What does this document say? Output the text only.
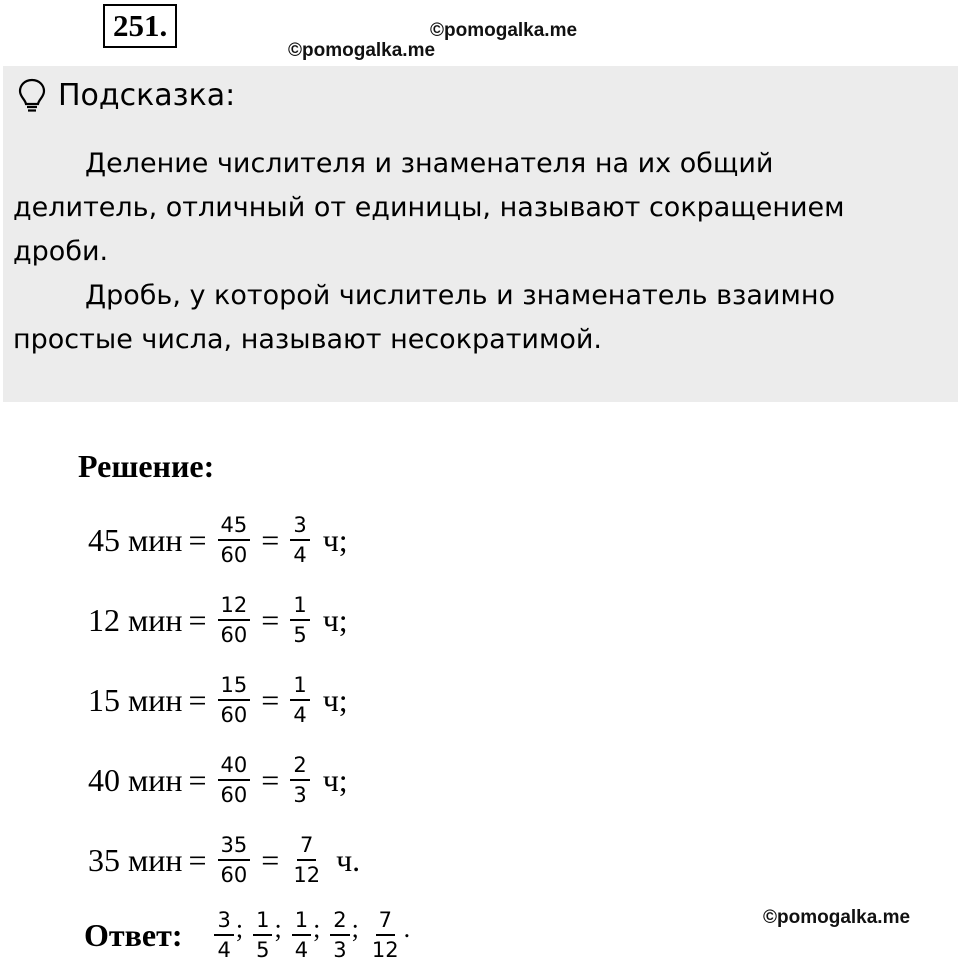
251.	©pomogalka.me
©pomogalka.me
Подсказка:

Деление числителя и знаменателя на их общий делитель, отличный от единицы, называют сокращением дроби.

Дробь, у которой числитель и знаменатель взаимно простые числа, называют несократимой.

Решение:
45 мин = $\frac{45}{60} = \frac{3}{4} ч$;
12 мин = $\frac{12}{60} = \frac{1}{5} ч$;
15 мин = $\frac{15}{60} = \frac{1}{4} ч$;
40 мин = $\frac{40}{60} = \frac{2}{3} ч$;
35 мин = $\frac{35}{60} = \frac{7}{12} ч$.
Ответ: $\frac{3}{4}$ ; $\frac{1}{5}$ ; $\frac{1}{4}$ ; $\frac{2}{3}$ ; $\frac{7}{12}$ .	©pomogalka.me
